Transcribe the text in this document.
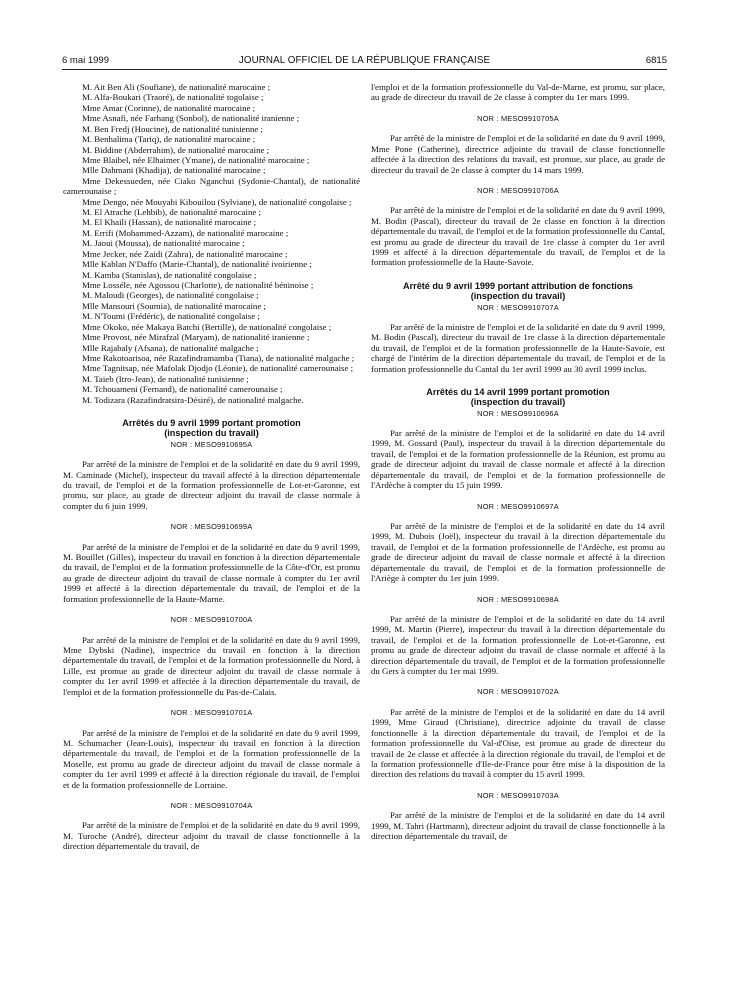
6 mai 1999	JOURNAL OFFICIEL DE LA RÉPUBLIQUE FRANÇAISE	6815
M. Ait Ben Ali (Soufiane), de nationalité marocaine ;
M. Alfa-Boukari (Traoré), de nationalité togolaise ;
Mme Amar (Corinne), de nationalité marocaine ;
Mme Asnafi, née Farhang (Sonbol), de nationalité iranienne ;
M. Ben Fredj (Houcine), de nationalité tunisienne ;
M. Benhalima (Tariq), de nationalité marocaine ;
M. Biddine (Abderrahim), de nationalité marocaine ;
Mme Blaibel, née Elhaimer (Ymane), de nationalité marocaine ;
Mlle Dahmani (Khadija), de nationalité marocaine ;
Mme Dekessueden, née Ciako Nganchui (Sydonie-Chantal), de nationalité camerounaise ;
Mme Dengo, née Mouyabi Kibouilou (Sylviane), de nationalité congolaise ;
M. El Atrache (Lehbib), de nationalité marocaine ;
M. El Khaili (Hassan), de nationalité marocaine ;
M. Errifi (Mohammed-Azzam), de nationalité marocaine ;
M. Jaoui (Moussa), de nationalité marocaine ;
Mme Jecker, née Zaidi (Zahra), de nationalité marocaine ;
Mlle Kablan N'Daffo (Marie-Chantal), de nationalité ivoirienne ;
M. Kamba (Stanislas), de nationalité congolaise ;
Mme Losséle, née Agossou (Charlotte), de nationalité béninoise ;
M. Maloudi (Georges), de nationalité congolaise ;
Mlle Mansouri (Soumia), de nationalité marocaine ;
M. N'Toumi (Frédéric), de nationalité congolaise ;
Mme Okoko, née Makaya Batchi (Bertille), de nationalité congolaise ;
Mme Provost, née Mirafzal (Maryam), de nationalité iranienne ;
Mlle Rajabaly (Afsana), de nationalité malgache ;
Mme Rakotoarisoa, née Razafindramamba (Tiana), de nationalité malgache ;
Mme Tagnitsap, née Mafolak Djodjo (Léonie), de nationalité camerounaise ;
M. Taieb (Itro-Jean), de nationalité tunisienne ;
M. Tchouameni (Fernand), de nationalité camerounaise ;
M. Todizara (Razafindratsira-Désiré), de nationalité malgache.
Arrêtés du 9 avril 1999 portant promotion
(inspection du travail)
NOR : MESO9910695A

Par arrêté de la ministre de l'emploi et de la solidarité en date du 9 avril 1999, M. Caminade (Michel), inspecteur du travail affecté à la direction départementale du travail, de l'emploi et de la formation professionnelle de Lot-et-Garonne, est promu, sur place, au grade de directeur adjoint du travail de classe normale à compter du 6 juin 1999.

NOR : MESO9910699A

Par arrêté de la ministre de l'emploi et de la solidarité en date du 9 avril 1999, M. Bouillet (Gilles), inspecteur du travail en fonction à la direction départementale du travail, de l'emploi et de la formation professionnelle de la Côte-d'Or, est promu au grade de directeur adjoint du travail de classe normale à compter du 1er avril 1999 et affecté à la direction départementale du travail, de l'emploi et de la formation professionnelle de la Haute-Marne.

NOR : MESO9910700A

Par arrêté de la ministre de l'emploi et de la solidarité en date du 9 avril 1999, Mme Dybski (Nadine), inspectrice du travail en fonction à la direction départementale du travail, de l'emploi et de la formation professionnelle du Nord, à Lille, est promue au grade de directeur adjoint du travail de classe normale à compter du 1er avril 1999 et affectée à la direction départementale du travail, de l'emploi et de la formation professionnelle du Pas-de-Calais.

NOR : MESO9910701A

Par arrêté de la ministre de l'emploi et de la solidarité en date du 9 avril 1999, M. Schumacher (Jean-Louis), inspecteur du travail en fonction à la direction départementale du travail, de l'emploi et de la formation professionnelle de la Moselle, est promu au grade de directeur adjoint du travail de classe normale à compter du 1er avril 1999 et affecté à la direction régionale du travail, de l'emploi et de la formation professionnelle de Lorraine.

NOR : MESO9910704A

Par arrêté de la ministre de l'emploi et de la solidarité en date du 9 avril 1999, M. Turoche (André), directeur adjoint du travail de classe fonctionnelle à la direction départementale du travail, de

l'emploi et de la formation professionnelle du Val-de-Marne, est promu, sur place, au grade de directeur du travail de 2e classe à compter du 1er mars 1999.

NOR : MESO9910705A

Par arrêté de la ministre de l'emploi et de la solidarité en date du 9 avril 1999, Mme Pone (Catherine), directrice adjointe du travail de classe fonctionnelle affectée à la direction des relations du travail, est promue, sur place, au grade de directeur du travail de 2e classe à compter du 14 mars 1999.

NOR : MESO9910706A

Par arrêté de la ministre de l'emploi et de la solidarité en date du 9 avril 1999, M. Bodin (Pascal), directeur du travail de 2e classe en fonction à la direction départementale du travail, de l'emploi et de la formation professionnelle du Cantal, est promu au grade de directeur du travail de 1re classe à compter du 1er avril 1999 et affecté à la direction départementale du travail, de l'emploi et de la formation professionnelle de la Haute-Savoie.

Arrêté du 9 avril 1999 portant attribution de fonctions
(inspection du travail)
NOR : MESO9910707A

Par arrêté de la ministre de l'emploi et de la solidarité en date du 9 avril 1999, M. Bodin (Pascal), directeur du travail de 1re classe à la direction départementale du travail, de l'emploi et de la formation professionnelle de la Haute-Savoie, est chargé de l'intérim de la direction départementale du travail, de l'emploi et de la formation professionnelle du Cantal du 1er avril 1999 au 30 avril 1999 inclus.

Arrêtés du 14 avril 1999 portant promotion
(inspection du travail)
NOR : MESO9910696A

Par arrêté de la ministre de l'emploi et de la solidarité en date du 14 avril 1999, M. Gossard (Paul), inspecteur du travail à la direction départementale du travail, de l'emploi et de la formation professionnelle de la Réunion, est promu au grade de directeur adjoint du travail de classe normale et affecté à la direction départementale du travail, de l'emploi et de la formation professionnelle de l'Ardèche à compter du 15 juin 1999.

NOR : MESO9910697A

Par arrêté de la ministre de l'emploi et de la solidarité en date du 14 avril 1999, M. Dubois (Joël), inspecteur du travail à la direction départementale du travail, de l'emploi et de la formation professionnelle de l'Ardèche, est promu au grade de directeur adjoint du travail de classe normale et affecté à la direction départementale du travail, de l'emploi et de la formation professionnelle de l'Ariège à compter du 1er juin 1999.

NOR : MESO9910698A

Par arrêté de la ministre de l'emploi et de la solidarité en date du 14 avril 1999, M. Martin (Pierre), inspecteur du travail à la direction départementale du travail, de l'emploi et de la formation professionnelle de Lot-et-Garonne, est promu au grade de directeur adjoint du travail de classe normale et affecté à la direction départementale du travail, de l'emploi et de la formation professionnelle du Gers à compter du 1er mai 1999.

NOR : MESO9910702A

Par arrêté de la ministre de l'emploi et de la solidarité en date du 14 avril 1999, Mme Giraud (Christiane), directrice adjointe du travail de classe fonctionnelle à la direction départementale du travail, de l'emploi et de la formation professionnelle du Val-d'Oise, est promue au grade de directeur du travail de 2e classe et affectée à la direction régionale du travail, de l'emploi et de la formation professionnelle d'Ile-de-France pour être mise à la disposition de la direction des relations du travail à compter du 15 avril 1999.

NOR : MESO9910703A

Par arrêté de la ministre de l'emploi et de la solidarité en date du 14 avril 1999, M. Tahri (Hartmann), directeur adjoint du travail de classe fonctionnelle à la direction départementale du travail, de
